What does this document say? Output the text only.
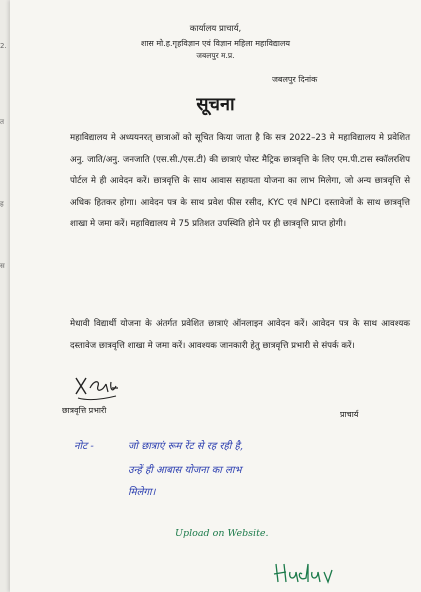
2.
त
ह
स
कार्यालय प्राचार्य,
शास मो.ह.गृहविज्ञान एवं विज्ञान महिला महाविद्यालय
जबलपुर म.प्र.
जबलपुर दिनांक
सूचना
महाविद्यालय मे अध्ययनरत् छात्राओं को सूचित किया जाता है कि सत्र 2022–23 मे महाविद्यालय मे प्रवेशित अनु. जाति/अनु. जनजाति (एस.सी./एस.टी) की छात्राएं पोस्ट मैट्रिक छात्रवृत्ति के लिए एम.पी.टास स्कॉलरशिप पोर्टल मे ही आवेदन करें। छात्रवृत्ति के साथ आवास सहायता योजना का लाभ मिलेगा, जो अन्य छात्रवृत्ति से अधिक हितकर होगा। आवेदन पत्र के साथ प्रवेश फीस रसीद, KYC एवं NPCI दस्तावेजों के साथ छात्रवृत्ति शाखा मे जमा करें। महाविद्यालय मे 75 प्रतिशत उपस्थिति होने पर ही छात्रवृत्ति प्राप्त होगी।
मेधावी विद्यार्थी योजना के अंतर्गत प्रवेशित छात्राएं ऑनलाइन आवेदन करें। आवेदन पत्र के साथ आवश्यक दस्तावेज छात्रवृत्ति शाखा मे जमा करें। आवश्यक जानकारी हेतु छात्रवृत्ति प्रभारी से संपर्क करें।
छात्रवृत्ति प्रभारी	प्राचार्य
नोट -	जो छात्राएं रूम रेंट से रह रही है,
उन्हें ही आबास योजना का लाभ
मिलेगा।
Upload on Website.
